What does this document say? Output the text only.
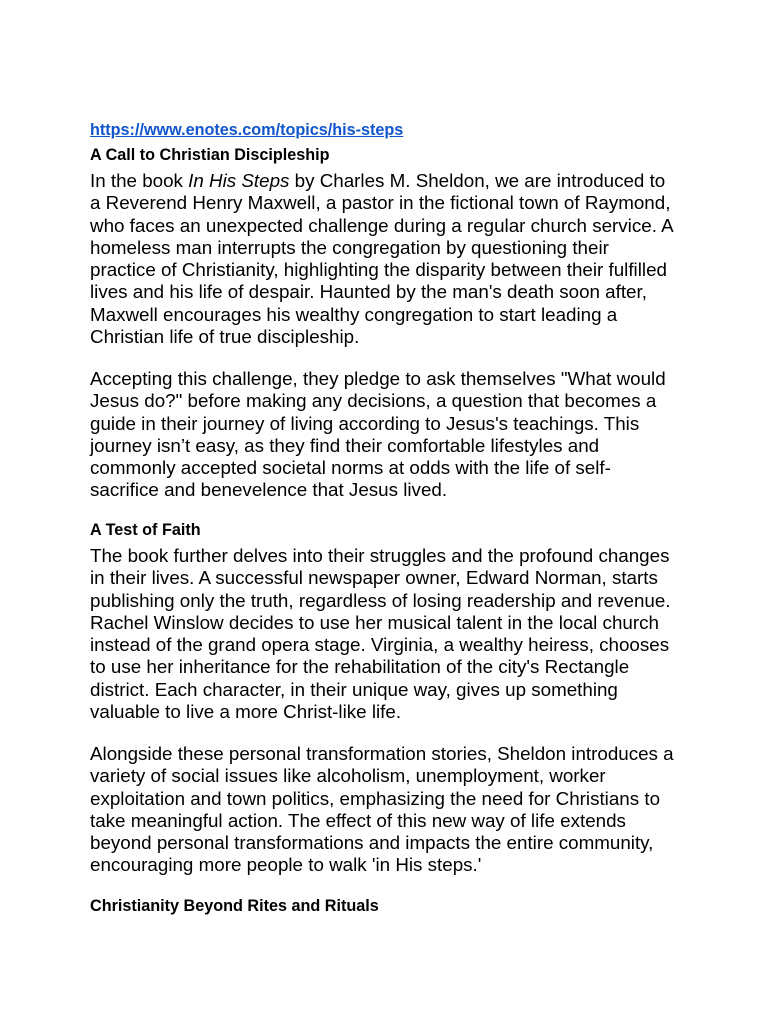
https://www.enotes.com/topics/his-steps
A Call to Christian Discipleship
In the book In His Steps by Charles M. Sheldon, we are introduced to
a Reverend Henry Maxwell, a pastor in the fictional town of Raymond,
who faces an unexpected challenge during a regular church service. A
homeless man interrupts the congregation by questioning their
practice of Christianity, highlighting the disparity between their fulfilled
lives and his life of despair. Haunted by the man's death soon after,
Maxwell encourages his wealthy congregation to start leading a
Christian life of true discipleship.
Accepting this challenge, they pledge to ask themselves "What would
Jesus do?" before making any decisions, a question that becomes a
guide in their journey of living according to Jesus's teachings. This
journey isn’t easy, as they find their comfortable lifestyles and
commonly accepted societal norms at odds with the life of self-
sacrifice and benevelence that Jesus lived.
A Test of Faith
The book further delves into their struggles and the profound changes
in their lives. A successful newspaper owner, Edward Norman, starts
publishing only the truth, regardless of losing readership and revenue.
Rachel Winslow decides to use her musical talent in the local church
instead of the grand opera stage. Virginia, a wealthy heiress, chooses
to use her inheritance for the rehabilitation of the city's Rectangle
district. Each character, in their unique way, gives up something
valuable to live a more Christ-like life.
Alongside these personal transformation stories, Sheldon introduces a
variety of social issues like alcoholism, unemployment, worker
exploitation and town politics, emphasizing the need for Christians to
take meaningful action. The effect of this new way of life extends
beyond personal transformations and impacts the entire community,
encouraging more people to walk 'in His steps.'
Christianity Beyond Rites and Rituals
